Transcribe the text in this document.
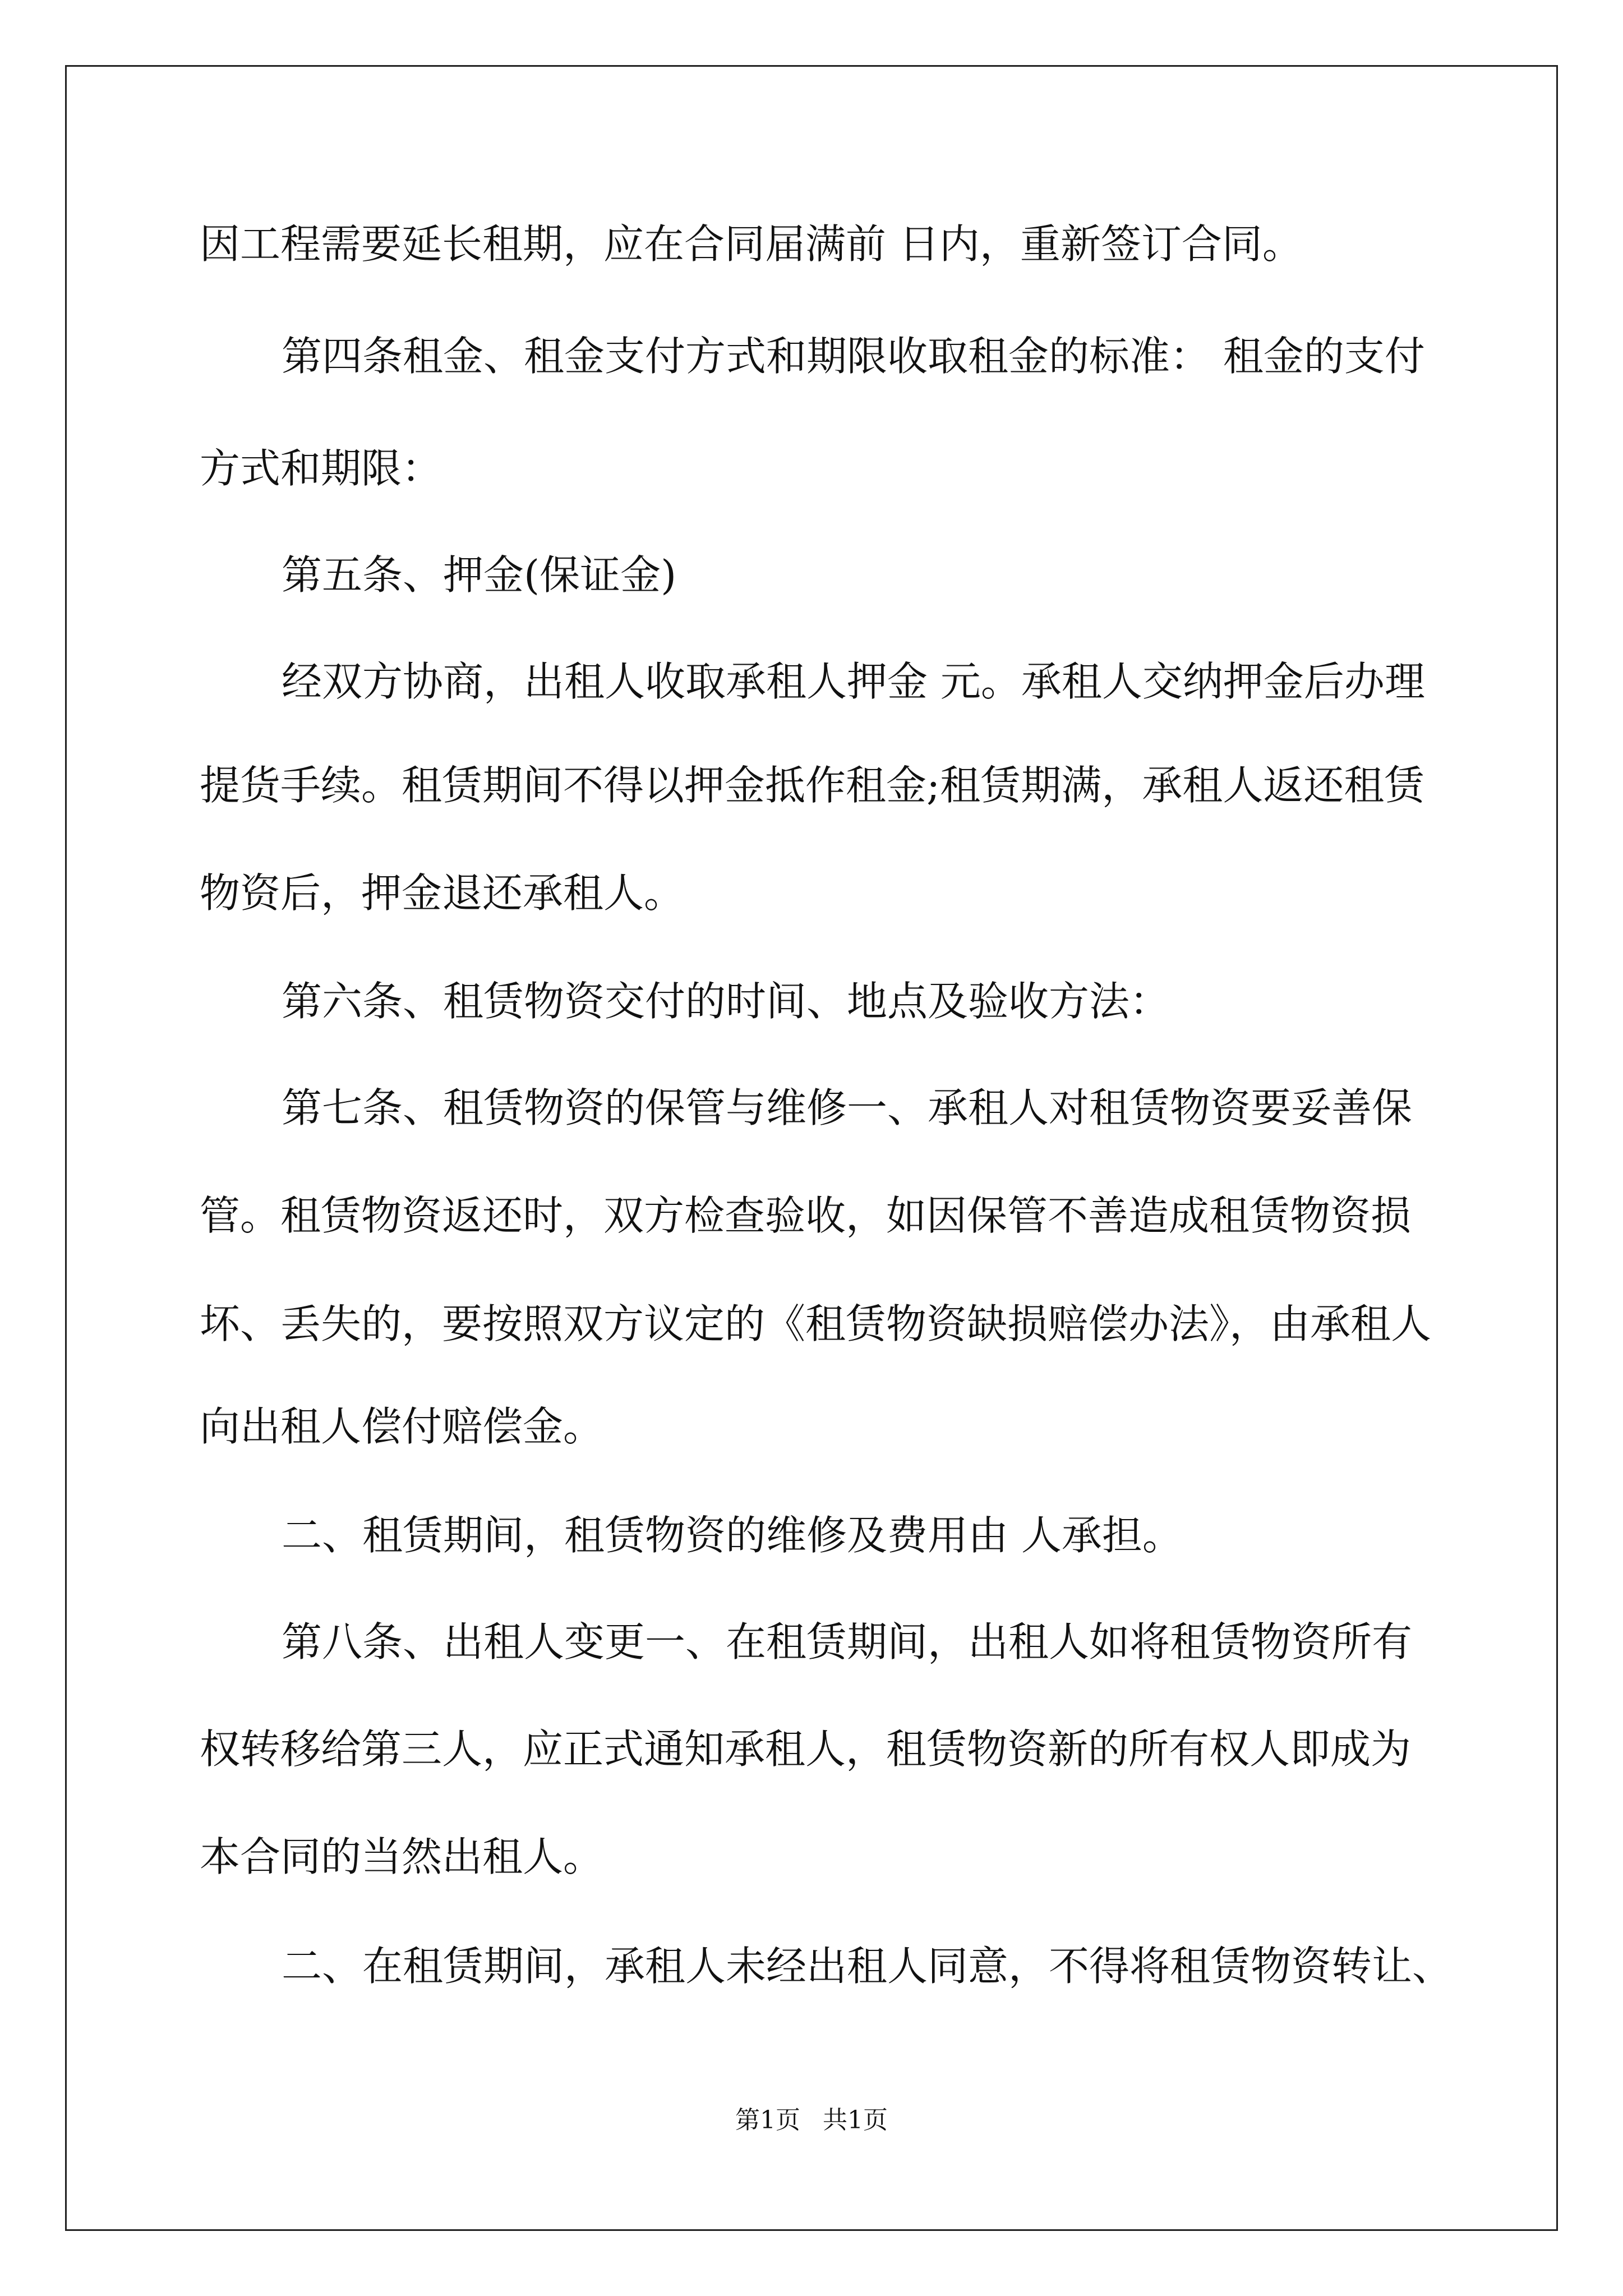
因工程需要延长租期，应在合同届满前 日内，重新签订合同。

第四条租金、租金支付方式和期限收取租金的标准： 租金的支付

方式和期限：

第五条、押金(保证金)

经双方协商，出租人收取承租人押金 元。承租人交纳押金后办理

提货手续。租赁期间不得以押金抵作租金;租赁期满，承租人返还租赁

物资后，押金退还承租人。

第六条、租赁物资交付的时间、地点及验收方法：

第七条、租赁物资的保管与维修一、承租人对租赁物资要妥善保

管。租赁物资返还时，双方检查验收，如因保管不善造成租赁物资损

坏、丢失的，要按照双方议定的《租赁物资缺损赔偿办法》，由承租人

向出租人偿付赔偿金。

二、租赁期间，租赁物资的维修及费用由 人承担。

第八条、出租人变更一、在租赁期间，出租人如将租赁物资所有

权转移给第三人，应正式通知承租人，租赁物资新的所有权人即成为

本合同的当然出租人。

二、在租赁期间，承租人未经出租人同意，不得将租赁物资转让、

第1页 共1页
